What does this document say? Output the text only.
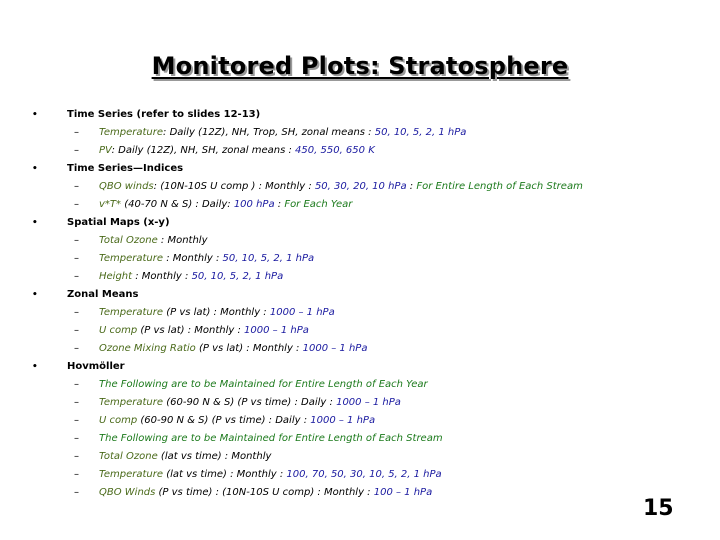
Monitored Plots: Stratosphere
•	Time Series (refer to slides 12-13)
– Temperature: Daily (12Z), NH, Trop, SH, zonal means : 50, 10, 5, 2, 1 hPa
– PV: Daily (12Z), NH, SH, zonal means : 450, 550, 650 K
•	Time Series—Indices
– QBO winds: (10N-10S U comp ) : Monthly : 50, 30, 20, 10 hPa : For Entire Length of Each Stream
– v*T* (40-70 N & S) : Daily: 100 hPa : For Each Year
•	Spatial Maps (x-y)
– Total Ozone : Monthly
– Temperature : Monthly : 50, 10, 5, 2, 1 hPa
– Height : Monthly : 50, 10, 5, 2, 1 hPa
•	Zonal Means
– Temperature (P vs lat) : Monthly : 1000 – 1 hPa
– U comp (P vs lat) : Monthly : 1000 – 1 hPa
– Ozone Mixing Ratio (P vs lat) : Monthly : 1000 – 1 hPa
•	Hovmöller
– The Following are to be Maintained for Entire Length of Each Year
– Temperature (60-90 N & S) (P vs time) : Daily : 1000 – 1 hPa
– U comp (60-90 N & S) (P vs time) : Daily : 1000 – 1 hPa
– The Following are to be Maintained for Entire Length of Each Stream
– Total Ozone (lat vs time) : Monthly
– Temperature (lat vs time) : Monthly : 100, 70, 50, 30, 10, 5, 2, 1 hPa
– QBO Winds (P vs time) : (10N-10S U comp) : Monthly : 100 – 1 hPa
15
